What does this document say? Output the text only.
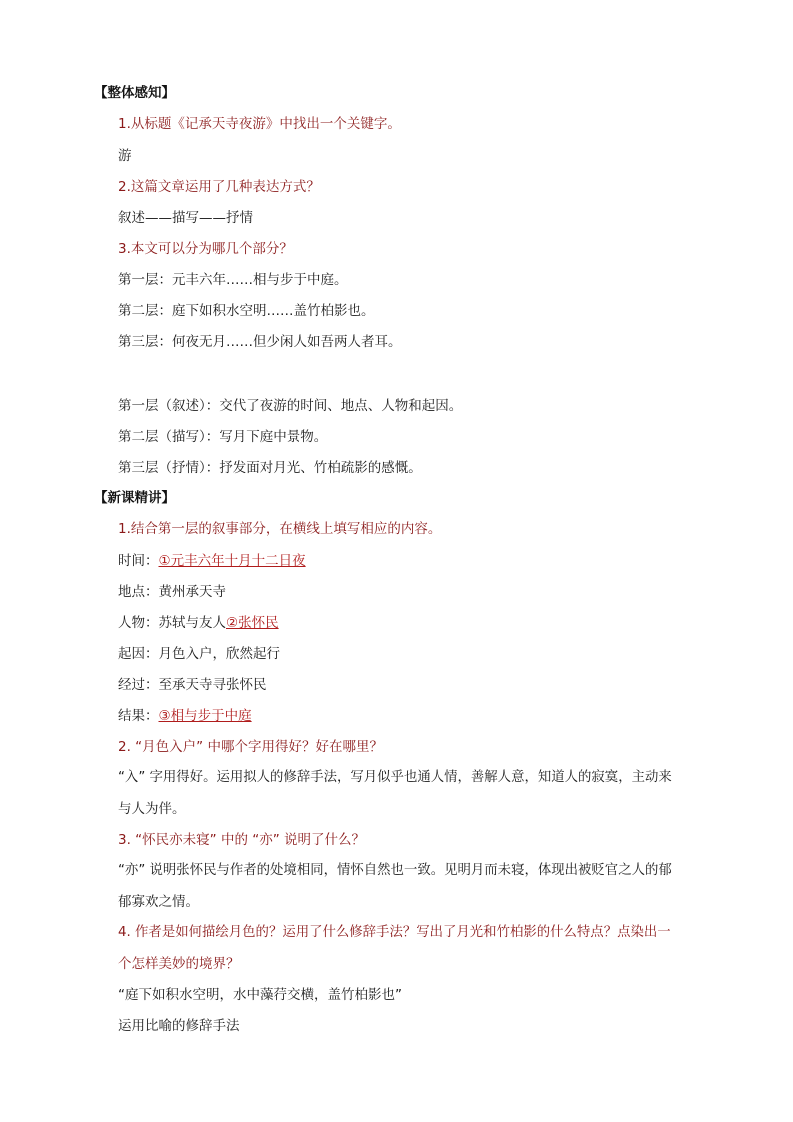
【整体感知】
1.从标题《记承天寺夜游》中找出一个关键字。
游
2.这篇文章运用了几种表达方式？
叙述——描写——抒情
3.本文可以分为哪几个部分？
第一层：元丰六年……相与步于中庭。
第二层：庭下如积水空明……盖竹柏影也。
第三层：何夜无月……但少闲人如吾两人者耳。
第一层（叙述）：交代了夜游的时间、地点、人物和起因。
第二层（描写）：写月下庭中景物。
第三层（抒情）：抒发面对月光、竹柏疏影的感慨。
【新课精讲】
1.结合第一层的叙事部分，在横线上填写相应的内容。
时间：①元丰六年十月十二日夜
地点：黄州承天寺
人物：苏轼与友人②张怀民
起因：月色入户，欣然起行
经过：至承天寺寻张怀民
结果：③相与步于中庭
2. “月色入户” 中哪个字用得好？好在哪里？
“入” 字用得好。运用拟人的修辞手法，写月似乎也通人情，善解人意，知道人的寂寞，主动来
与人为伴。
3. “怀民亦未寝” 中的 “亦” 说明了什么？
“亦” 说明张怀民与作者的处境相同，情怀自然也一致。见明月而未寝，体现出被贬官之人的郁
郁寡欢之情。
4. 作者是如何描绘月色的？运用了什么修辞手法？写出了月光和竹柏影的什么特点？点染出一
个怎样美妙的境界？
“庭下如积水空明，水中藻荇交横，盖竹柏影也”
运用比喻的修辞手法
